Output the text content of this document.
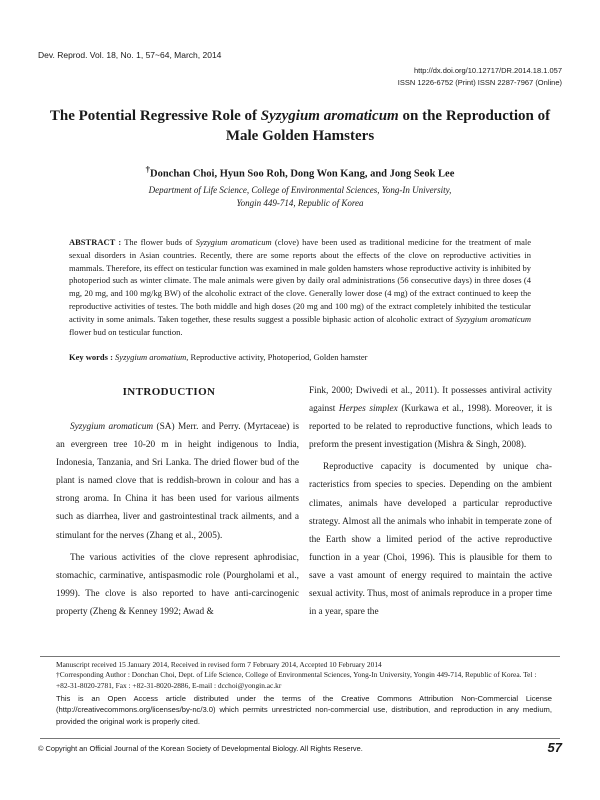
Dev. Reprod. Vol. 18, No. 1, 57~64, March, 2014
http://dx.doi.org/10.12717/DR.2014.18.1.057
ISSN 1226-6752 (Print) ISSN 2287-7967 (Online)
The Potential Regressive Role of Syzygium aromaticum on the Reproduction of Male Golden Hamsters
†Donchan Choi, Hyun Soo Roh, Dong Won Kang, and Jong Seok Lee
Department of Life Science, College of Environmental Sciences, Yong-In University,
Yongin 449-714, Republic of Korea
ABSTRACT : The flower buds of Syzygium aromaticum (clove) have been used as traditional medicine for the treatment of male sexual disorders in Asian countries. Recently, there are some reports about the effects of the clove on reproductive activities in mammals. Therefore, its effect on testicular function was examined in male golden hamsters whose reproductive activity is inhibited by photoperiod such as winter climate. The male animals were given by daily oral administrations (56 consecutive days) in three doses (4 mg, 20 mg, and 100 mg/kg BW) of the alcoholic extract of the clove. Generally lower dose (4 mg) of the extract continued to keep the reproductive activities of testes. The both middle and high doses (20 mg and 100 mg) of the extract completely inhibited the testicular activity in some animals. Taken together, these results suggest a possible biphasic action of alcoholic extract of Syzygium aromaticum flower bud on testicular function.
Key words : Syzygium aromatium, Reproductive activity, Photoperiod, Golden hamster
INTRODUCTION

Syzygium aromaticum (SA) Merr. and Perry. (Myrtaceae) is an evergreen tree 10-20 m in height indigenous to India, Indonesia, Tanzania, and Sri Lanka. The dried flower bud of the plant is named clove that is reddish-brown in colour and has a strong aroma. In China it has been used for various ailments such as diarrhea, liver and gastrointestinal track ailments, and a stimulant for the nerves (Zhang et al., 2005).

The various activities of the clove represent aphrodisiac, stomachic, carminative, antispasmodic role (Pourgholami et al., 1999). The clove is also reported to have anti-carcinogenic property (Zheng & Kenney 1992; Awad &

Fink, 2000; Dwivedi et al., 2011). It possesses antiviral activity against Herpes simplex (Kurkawa et al., 1998). Moreover, it is reported to be related to reproductive functions, which leads to preform the present investigation (Mishra & Singh, 2008).

Reproductive capacity is documented by unique cha-racteristics from species to species. Depending on the ambient climates, animals have developed a particular reproductive strategy. Almost all the animals who inhabit in temperate zone of the Earth show a limited period of the active reproductive function in a year (Choi, 1996). This is plausible for them to save a vast amount of energy required to maintain the active sexual activity. Thus, most of animals reproduce in a proper time in a year, spare the

Manuscript received 15 January 2014, Received in revised form 7 February 2014, Accepted 10 February 2014

†Corresponding Author : Donchan Choi, Dept. of Life Science, College of Environmental Sciences, Yong-In University, Yongin 449-714, Republic of Korea. Tel : +82-31-8020-2781, Fax : +82-31-8020-2886, E-mail : dcchoi@yongin.ac.kr

This is an Open Access article distributed under the terms of the Creative Commons Attribution Non-Commercial License (http://creativecommons.org/licenses/by-nc/3.0) which permits unrestricted non-commercial use, distribution, and reproduction in any medium, provided the original work is properly cited.
© Copyright an Official Journal of the Korean Society of Developmental Biology. All Rights Reserve.	57
